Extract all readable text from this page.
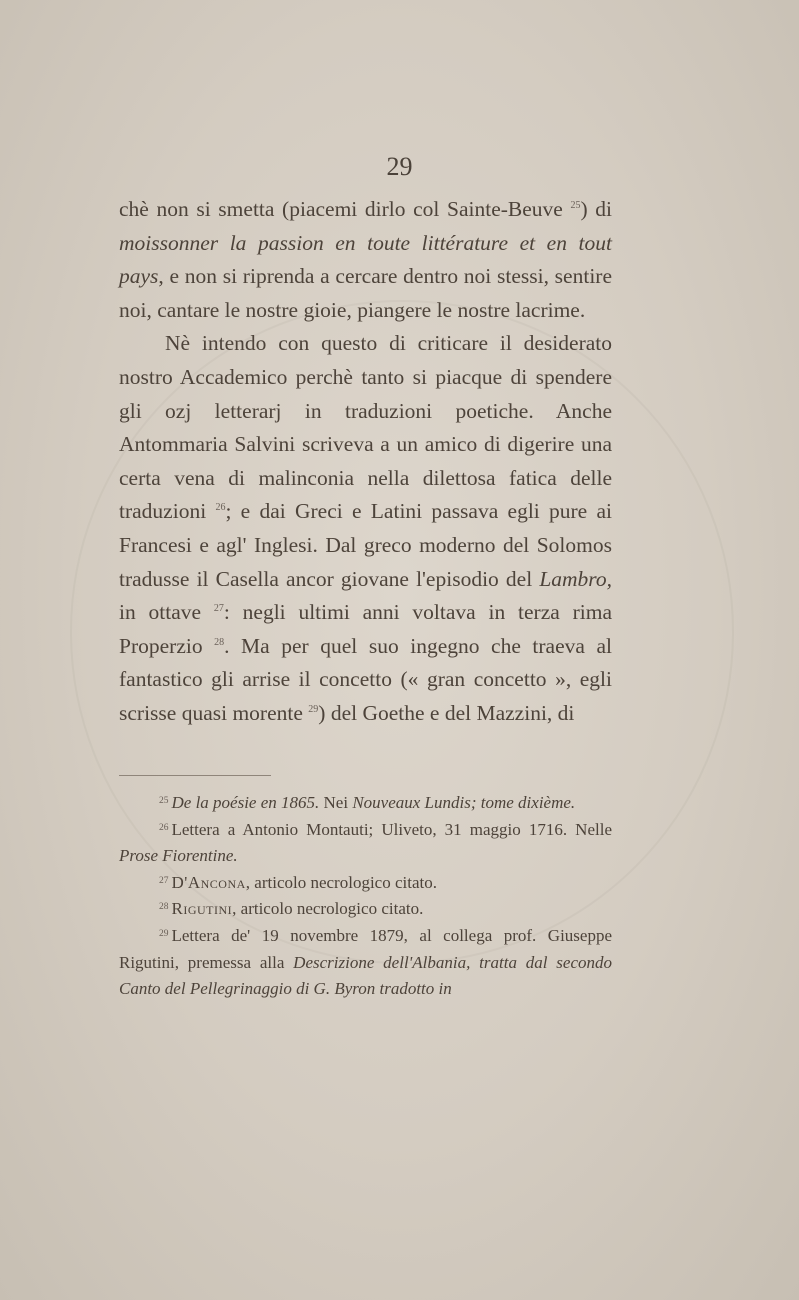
29

chè non si smetta (piacemi dirlo col Sainte-Beuve $^{25}$) di moissonner la passion en toute littérature et en tout pays, e non si riprenda a cercare dentro noi stessi, sentire noi, cantare le nostre gioie, piangere le nostre lacrime.

Nè intendo con questo di criticare il desiderato nostro Accademico perchè tanto si piacque di spendere gli ozj letterarj in traduzioni poetiche. Anche Antommaria Salvini scriveva a un amico di digerire una certa vena di malinconia nella dilettosa fatica delle traduzioni $^{26}$; e dai Greci e Latini passava egli pure ai Francesi e agl' Inglesi. Dal greco moderno del Solomos tradusse il Casella ancor giovane l'episodio del Lambro, in ottave $^{27}$: negli ultimi anni voltava in terza rima Properzio $^{28}$. Ma per quel suo ingegno che traeva al fantastico gli arrise il concetto (« gran concetto », egli scrisse quasi morente $^{29}$) del Goethe e del Mazzini, di

$^{25}$ De la poésie en 1865. Nei Nouveaux Lundis; tome dixième.

$^{26}$ Lettera a Antonio Montauti; Uliveto, 31 maggio 1716. Nelle Prose Fiorentine.

$^{27}$ D'Ancona, articolo necrologico citato.

$^{28}$ Rigutini, articolo necrologico citato.

$^{29}$ Lettera de' 19 novembre 1879, al collega prof. Giuseppe Rigutini, premessa alla Descrizione dell'Albania, tratta dal secondo Canto del Pellegrinaggio di G. Byron tradotto in
